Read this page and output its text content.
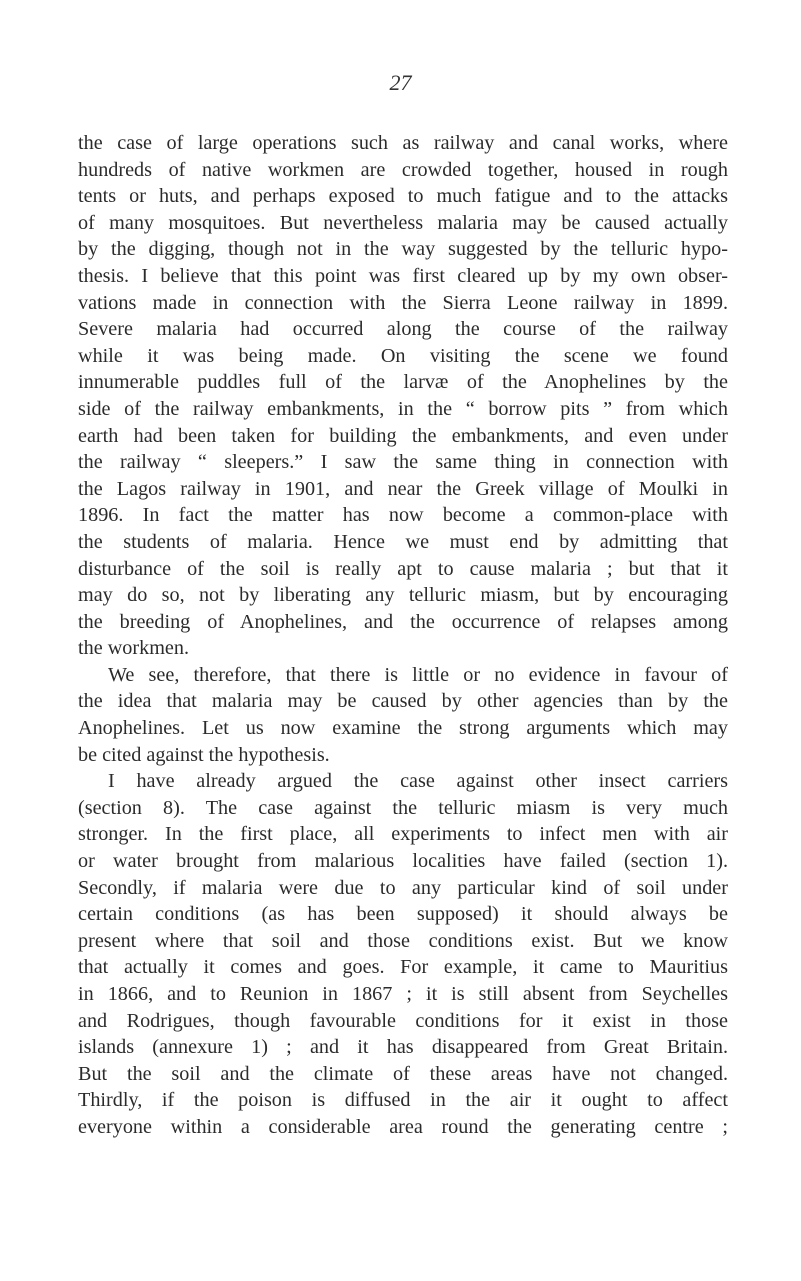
27
the case of large operations such as railway and canal works, where
hundreds of native workmen are crowded together, housed in rough
tents or huts, and perhaps exposed to much fatigue and to the attacks
of many mosquitoes. But nevertheless malaria may be caused actually
by the digging, though not in the way suggested by the telluric hypo-
thesis. I believe that this point was first cleared up by my own obser-
vations made in connection with the Sierra Leone railway in 1899.
Severe malaria had occurred along the course of the railway
while it was being made. On visiting the scene we found
innumerable puddles full of the larvæ of the Anophelines by the
side of the railway embankments, in the “ borrow pits ” from which
earth had been taken for building the embankments, and even under
the railway “ sleepers.” I saw the same thing in connection with
the Lagos railway in 1901, and near the Greek village of Moulki in
1896. In fact the matter has now become a common-place with
the students of malaria. Hence we must end by admitting that
disturbance of the soil is really apt to cause malaria ; but that it
may do so, not by liberating any telluric miasm, but by encouraging
the breeding of Anophelines, and the occurrence of relapses among
the workmen.
We see, therefore, that there is little or no evidence in favour of
the idea that malaria may be caused by other agencies than by the
Anophelines. Let us now examine the strong arguments which may
be cited against the hypothesis.
I have already argued the case against other insect carriers
(section 8). The case against the telluric miasm is very much
stronger. In the first place, all experiments to infect men with air
or water brought from malarious localities have failed (section 1).
Secondly, if malaria were due to any particular kind of soil under
certain conditions (as has been supposed) it should always be
present where that soil and those conditions exist. But we know
that actually it comes and goes. For example, it came to Mauritius
in 1866, and to Reunion in 1867 ; it is still absent from Seychelles
and Rodrigues, though favourable conditions for it exist in those
islands (annexure 1) ; and it has disappeared from Great Britain.
But the soil and the climate of these areas have not changed.
Thirdly, if the poison is diffused in the air it ought to affect
everyone within a considerable area round the generating centre ;
